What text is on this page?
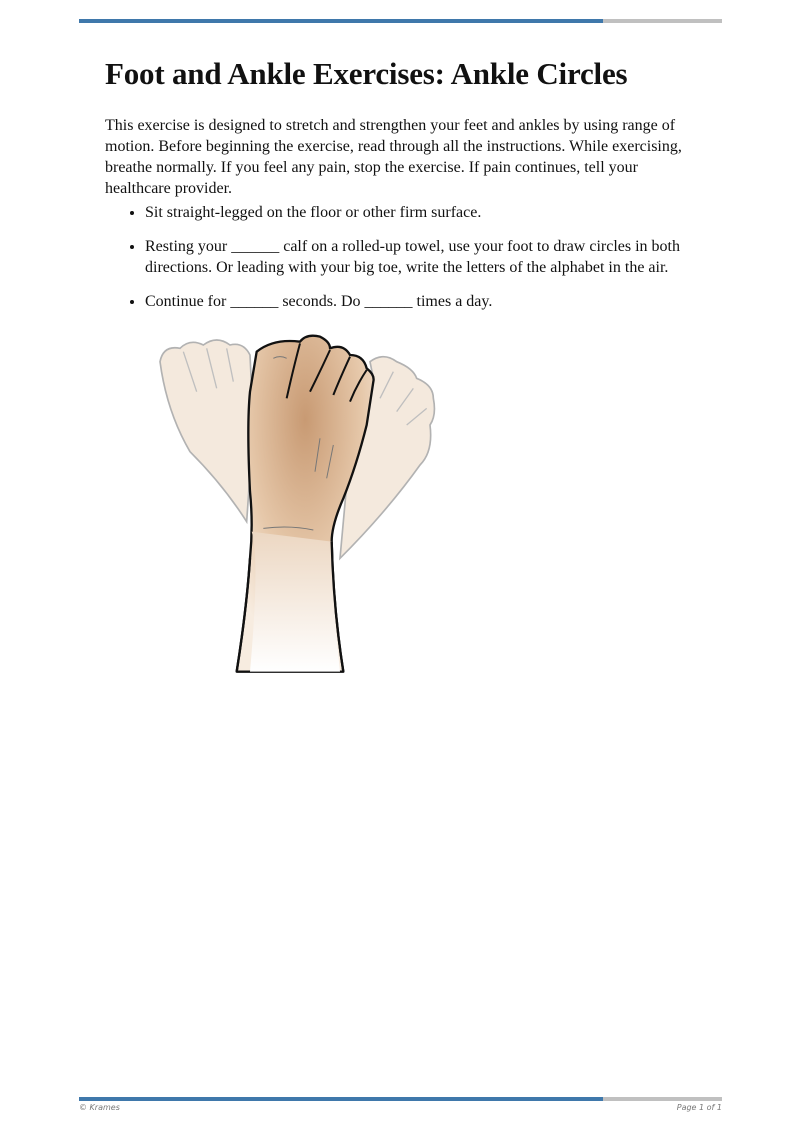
Foot and Ankle Exercises: Ankle Circles

This exercise is designed to stretch and strengthen your feet and ankles by using range of motion. Before beginning the exercise, read through all the instructions. While exercising, breathe normally. If you feel any pain, stop the exercise. If pain continues, tell your healthcare provider.

• Sit straight-legged on the floor or other firm surface.
• Resting your ______ calf on a rolled-up towel, use your foot to draw circles in both directions. Or leading with your big toe, write the letters of the alphabet in the air.
• Continue for ______ seconds. Do ______ times a day.
© Krames	Page 1 of 1
